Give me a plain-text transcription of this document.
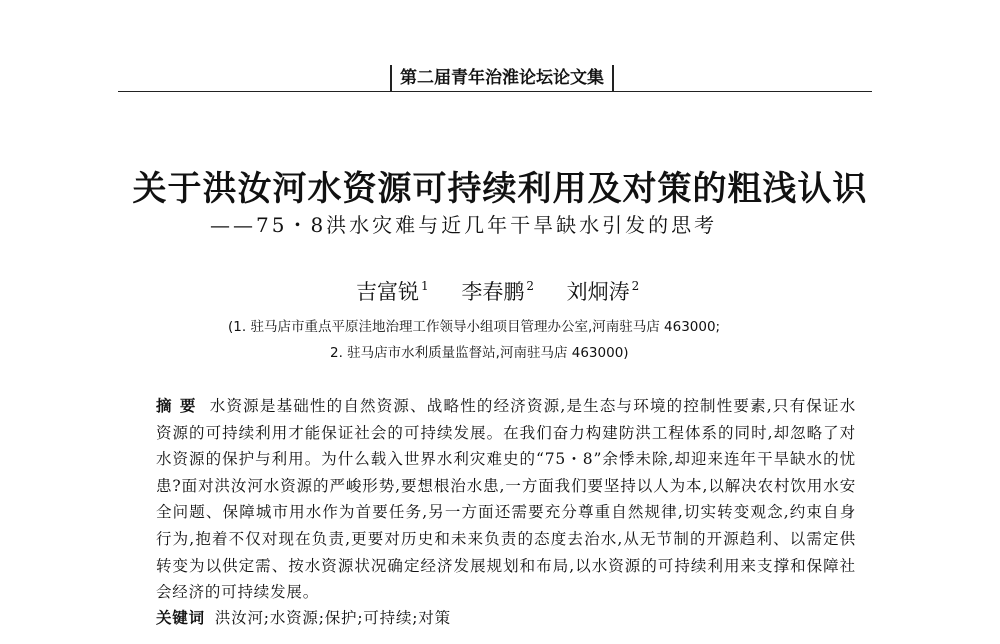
第二届青年治淮论坛论文集
关于洪汝河水资源可持续利用及对策的粗浅认识
——75・8洪水灾难与近几年干旱缺水引发的思考
吉富锐 $^1$ 李春鹏 $^2$ 刘炯涛 $^2$
(1. 驻马店市重点平原洼地治理工作领导小组项目管理办公室,河南驻马店 463000;
2. 驻马店市水利质量监督站,河南驻马店 463000)
摘要 水资源是基础性的自然资源、战略性的经济资源,是生态与环境的控制性要素,只有保证水资源的可持续利用才能保证社会的可持续发展。在我们奋力构建防洪工程体系的同时,却忽略了对水资源的保护与利用。为什么载入世界水利灾难史的“75・8”余悸未除,却迎来连年干旱缺水的忧患?面对洪汝河水资源的严峻形势,要想根治水患,一方面我们要坚持以人为本,以解决农村饮用水安全问题、保障城市用水作为首要任务,另一方面还需要充分尊重自然规律,切实转变观念,约束自身行为,抱着不仅对现在负责,更要对历史和未来负责的态度去治水,从无节制的开源趋利、以需定供转变为以供定需、按水资源状况确定经济发展规划和布局,以水资源的可持续利用来支撑和保障社会经济的可持续发展。
关键词 洪汝河;水资源;保护;可持续;对策
